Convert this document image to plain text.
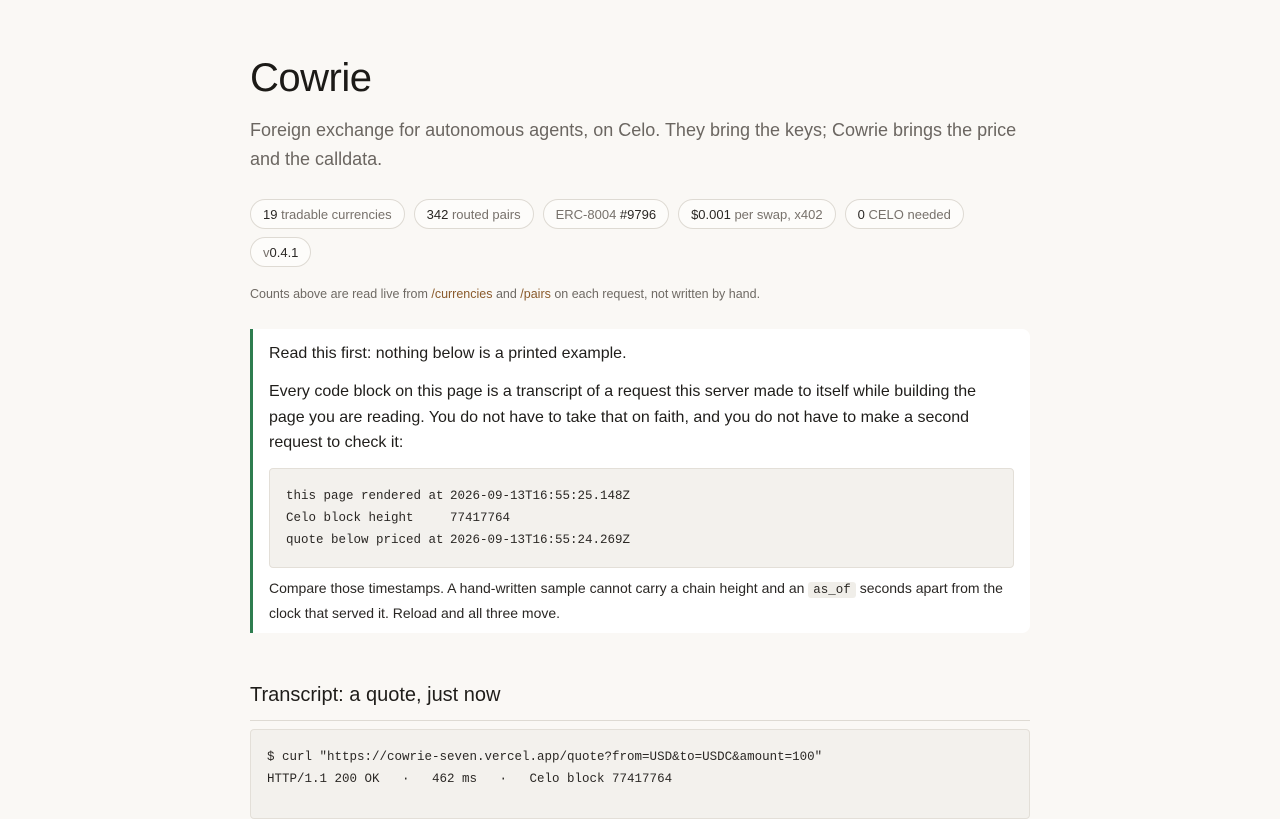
Cowrie

Foreign exchange for autonomous agents, on Celo. They bring the keys; Cowrie brings the price and the calldata.

19 tradable currencies	342 routed pairs	ERC-8004 #9796	$0.001 per swap, x402	0 CELO needed
v 0.4.1
Counts above are read live from /currencies and /pairs on each request, not written by hand.

Read this first: nothing below is a printed example.

Every code block on this page is a transcript of a request this server made to itself while building the page you are reading. You do not have to take that on faith, and you do not have to make a second request to check it:

this page rendered at 2026-09-13T16:55:25.148Z
Celo block height	77417764
quote below priced at 2026-09-13T16:55:24.269Z

Compare those timestamps. A hand-written sample cannot carry a chain height and an as_of seconds apart from the clock that served it. Reload and all three move.

Transcript: a quote, just now
$ curl "https://cowrie-seven.vercel.app/quote?from=USD&to=USDC&amount=100"
HTTP/1.1 200 OK   ·   462 ms   ·   Celo block 77417764
